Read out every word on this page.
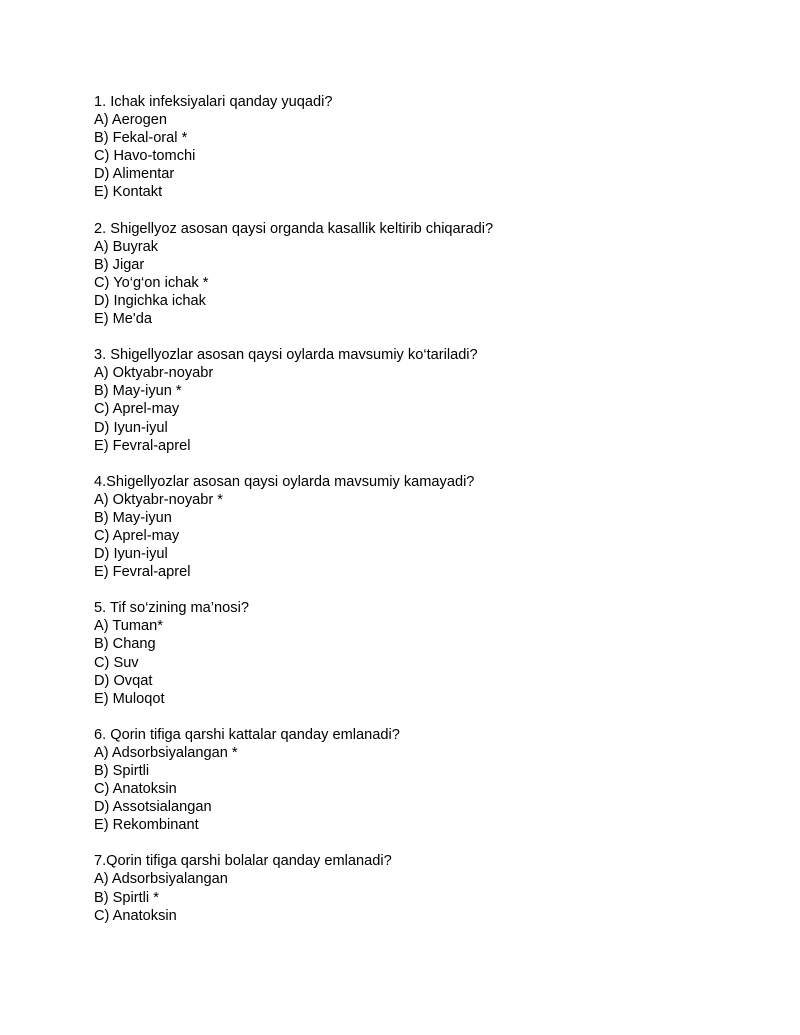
1. Ichak infeksiyalari qanday yuqadi?

A) Aerogen

B) Fekal-oral *

C) Havo-tomchi

D) Alimentar

E) Kontakt

2. Shigellyoz asosan qaysi organda kasallik keltirib chiqaradi?

A) Buyrak

B) Jigar

C) Yo‘g‘on ichak *

D) Ingichka ichak

E) Me'da

3. Shigellyozlar asosan qaysi oylarda mavsumiy ko‘tariladi?

A) Oktyabr-noyabr

B) May-iyun *

C) Aprel-may

D) Iyun-iyul

E) Fevral-aprel

4.Shigellyozlar asosan qaysi oylarda mavsumiy kamayadi?

A) Oktyabr-noyabr *

B) May-iyun

C) Aprel-may

D) Iyun-iyul

E) Fevral-aprel

5. Tif so‘zining ma’nosi?

A) Tuman*

B) Chang

C) Suv

D) Ovqat

E) Muloqot

6. Qorin tifiga qarshi kattalar qanday emlanadi?

A) Adsorbsiyalangan *

B) Spirtli

C) Anatoksin

D) Assotsialangan

E) Rekombinant

7.Qorin tifiga qarshi bolalar qanday emlanadi?

A) Adsorbsiyalangan

B) Spirtli *

C) Anatoksin
